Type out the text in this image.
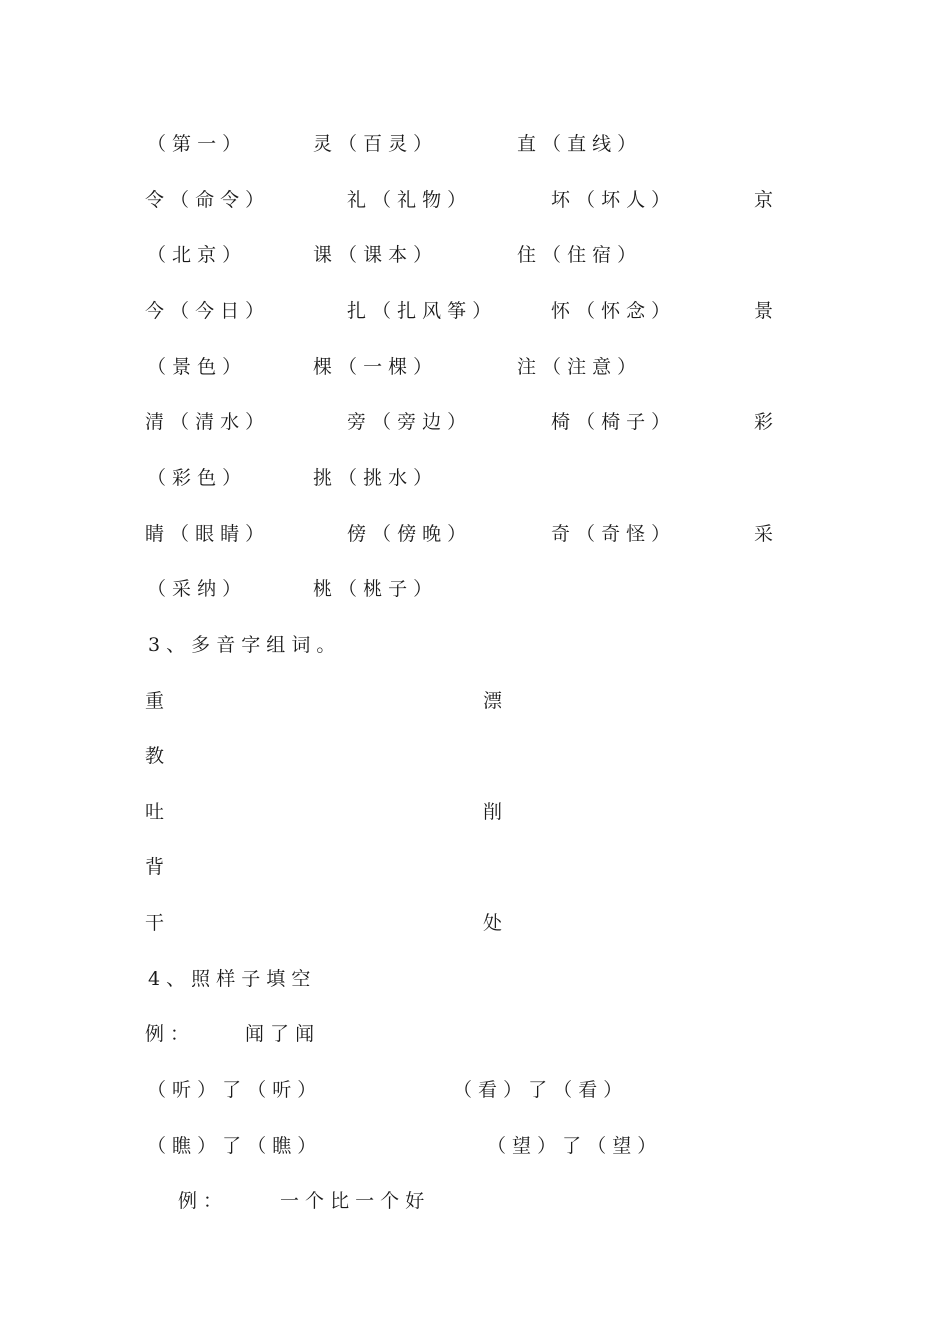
（ 第 一 ）	灵 （ 百 灵 ）	直 （ 直 线 ）
令 （ 命 令 ）	礼 （ 礼 物 ）	坏 （ 坏 人 ）	京
（ 北 京 ）	课 （ 课 本 ）	住 （ 住 宿 ）
今 （ 今 日 ）	扎 （ 扎 风 筝 ）	怀 （ 怀 念 ）	景
（ 景 色 ）	棵 （ 一 棵 ）	注 （ 注 意 ）
清 （ 清 水 ）	旁 （ 旁 边 ）	椅 （ 椅 子 ）	彩
（ 彩 色 ）	挑 （ 挑 水 ）
睛 （ 眼 睛 ）	傍 （ 傍 晚 ）	奇 （ 奇 怪 ）	采
（ 采 纳 ）	桃 （ 桃 子 ）
3 、 多 音 字 组 词 。
重	漂
教
吐	削
背
干	处
4 、 照 样 子 填 空
例 ：	闻 了 闻
（ 听 ） 了 （ 听 ）	（ 看 ） 了 （ 看 ）
（ 瞧 ） 了 （ 瞧 ）	（ 望 ） 了 （ 望 ）
例 ：	一 个 比 一 个 好
